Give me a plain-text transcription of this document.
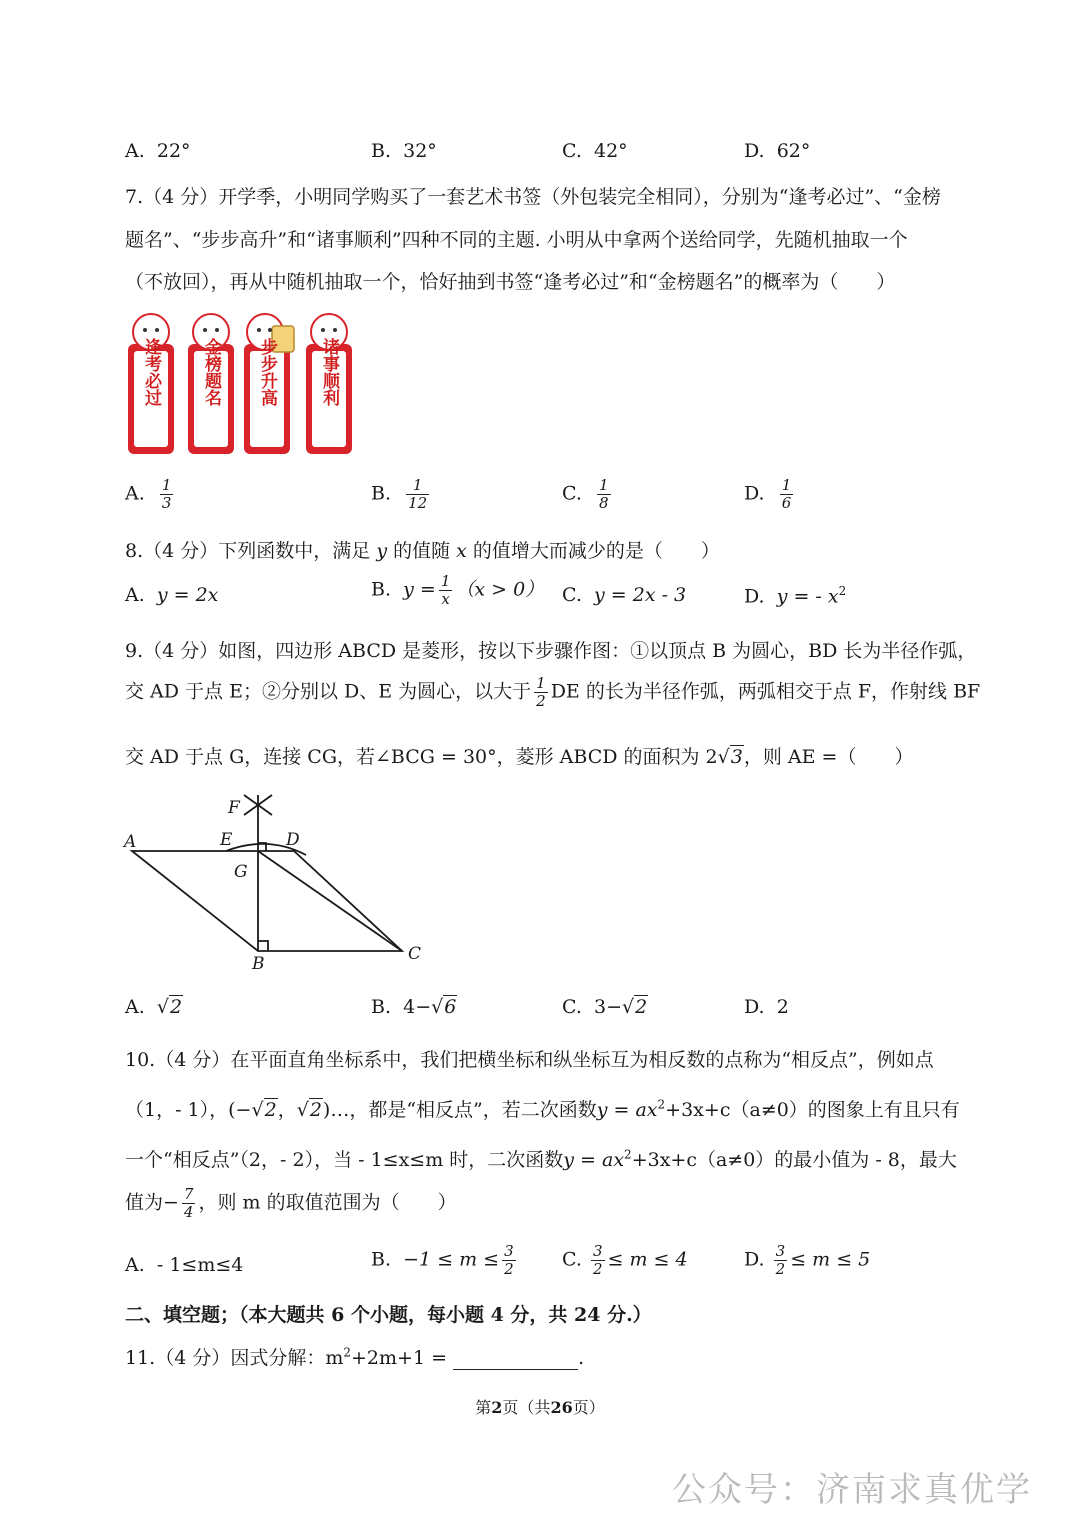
A. 22°	B. 32°	C. 42°	D. 62°
7.（4 分）开学季，小明同学购买了一套艺术书签（外包装完全相同），分别为“逢考必过”、“金榜
题名”、“步步高升”和“诸事顺利”四种不同的主题. 小明从中拿两个送给同学，先随机抽取一个
（不放回），再从中随机抽取一个，恰好抽到书签“逢考必过”和“金榜题名”的概率为（　　）
逢考必过 金榜题名 步步升高 诸事顺利
A. $\frac{1}{3}$	B. $\frac{1}{12}$	C. $\frac{1}{8}$	D. $\frac{1}{6}$
8.（4 分）下列函数中，满足 y 的值随 x 的值增大而减少的是（　　）
A. y = 2x	B. $y = \frac{1}{x} (x > 0)$ C. y = 2x - 3	D. y = - $x^2$
9.（4 分）如图，四边形 ABCD 是菱形，按以下步骤作图：①以顶点 B 为圆心，BD 长为半径作弧，
交 AD 于点 E；②分别以 D、E 为圆心，以大于 $\frac{1}{2}$ DE 的长为半径作弧，两弧相交于点 F，作射线 BF
交 AD 于点 G，连接 CG，若∠BCG = 30°，菱形 ABCD 的面积为 2√3，则 AE =（　　）
A	E	D
F
G
B	C
A. √2	B. 4−√6	C. 3−√2	D. 2
10.（4 分）在平面直角坐标系中，我们把横坐标和纵坐标互为相反数的点称为“相反点”，例如点
（1，- 1），(−√2，√2)…，都是“相反点”，若二次函数$y = ax^2+3x+c(a\ne 0)$的图象上有且只有
一个“相反点”（2，- 2），当 - 1≤x≤m 时，二次函数$y = ax^2+3x+c(a\ne 0)$的最小值为 - 8，最大
值为− $\frac{7}{4}$ ，则 m 的取值范围为（　　）
A. - 1≤m≤4	B. $-1 \le m \le \frac{3}{2} C$. $\frac{3}{2} \le m \le 4$	D. $\frac{3}{2} \le m \le 5$
二、填空题；（本大题共 6 个小题，每小题 4 分，共 24 分.）
11.（4 分）因式分解：$m^2+2m+1$ =	.
第2页（共26页）
公众号：济南求真优学
